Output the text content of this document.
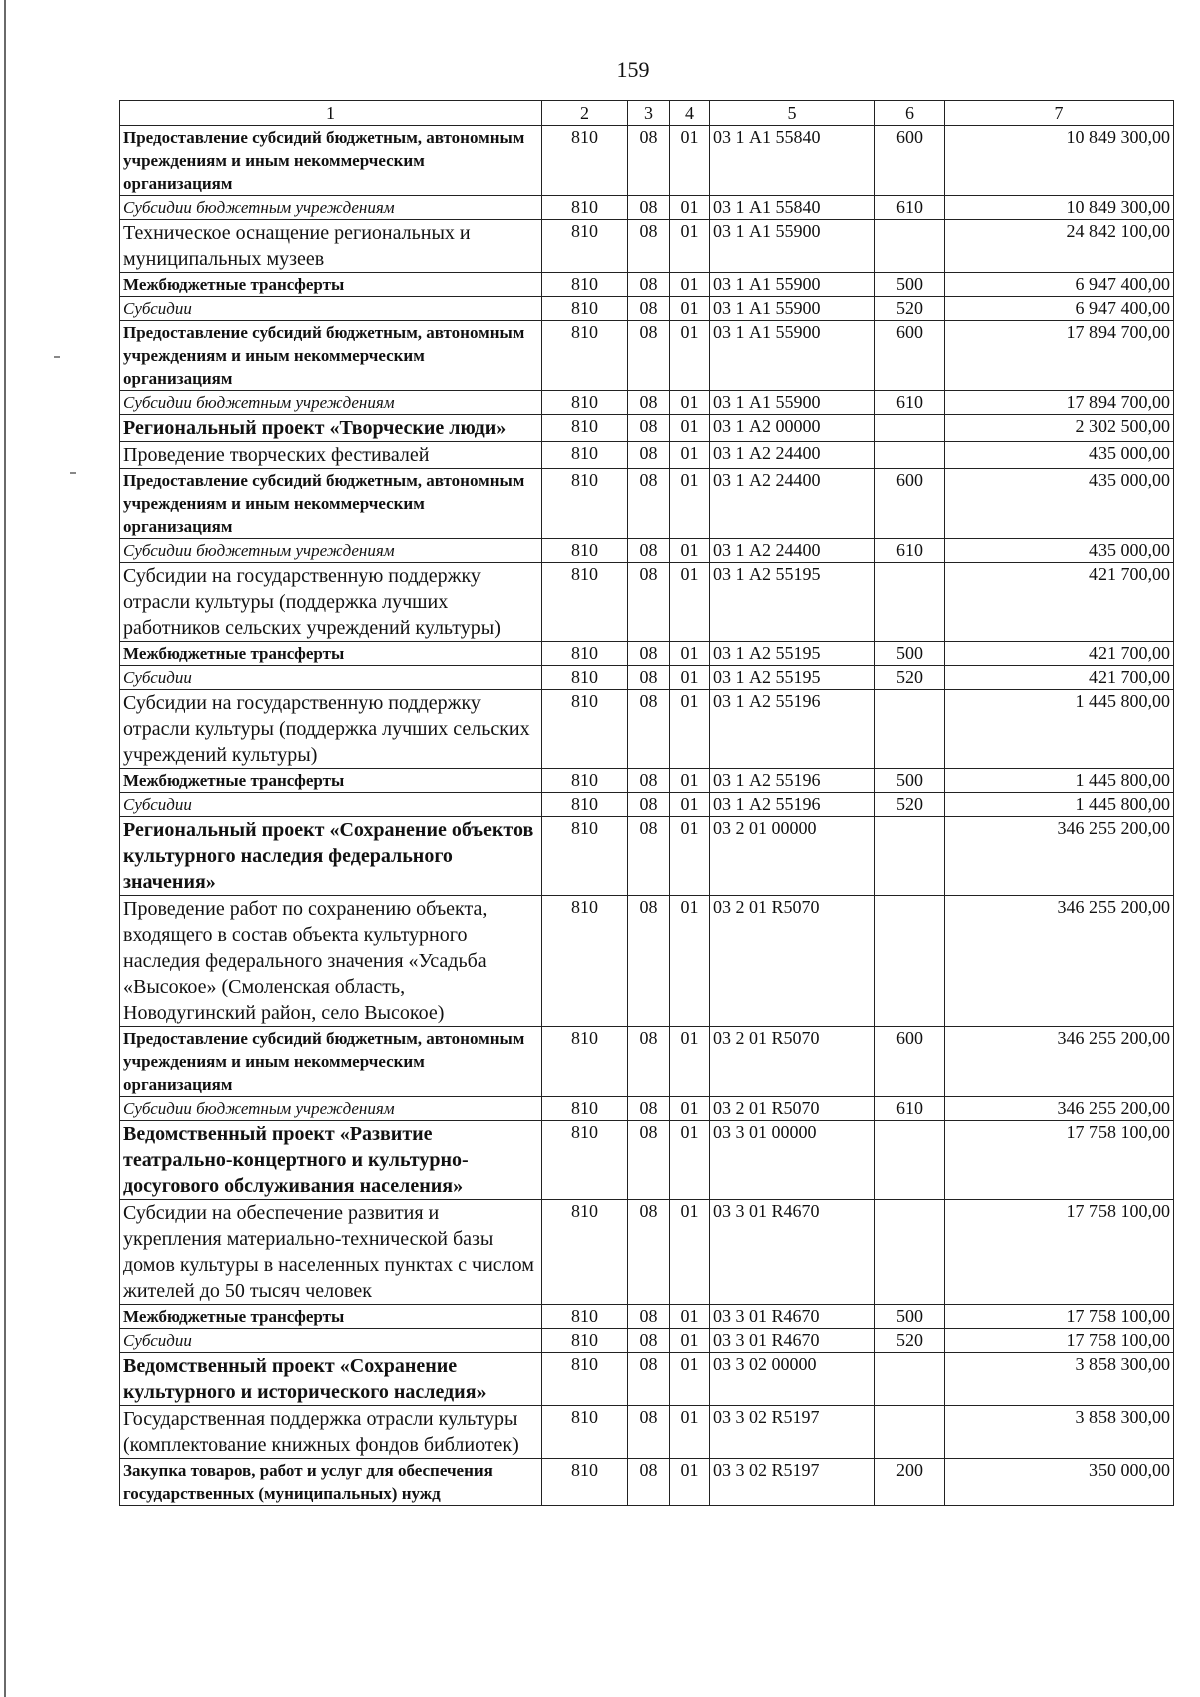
159
1	2	3	4	5	6	7
Предоставление субсидий бюджетным, автономным учреждениям и иным некоммерческим организациям	810	08	01	03 1 А1 55840	600	10 849 300,00
Субсидии бюджетным учреждениям	810	08	01	03 1 А1 55840	610	10 849 300,00
Техническое оснащение региональных и муниципальных музеев	810	08	01	03 1 А1 55900		24 842 100,00
Межбюджетные трансферты	810	08	01	03 1 А1 55900	500	6 947 400,00
Субсидии	810	08	01	03 1 А1 55900	520	6 947 400,00
Предоставление субсидий бюджетным, автономным учреждениям и иным некоммерческим организациям	810	08	01	03 1 А1 55900	600	17 894 700,00
Субсидии бюджетным учреждениям	810	08	01	03 1 А1 55900	610	17 894 700,00
Региональный проект «Творческие люди»	810	08	01	03 1 А2 00000		2 302 500,00
Проведение творческих фестивалей	810	08	01	03 1 А2 24400		435 000,00
Предоставление субсидий бюджетным, автономным учреждениям и иным некоммерческим организациям	810	08	01	03 1 А2 24400	600	435 000,00
Субсидии бюджетным учреждениям	810	08	01	03 1 А2 24400	610	435 000,00
Субсидии на государственную поддержку отрасли культуры (поддержка лучших работников сельских учреждений культуры)	810	08	01	03 1 А2 55195		421 700,00
Межбюджетные трансферты	810	08	01	03 1 А2 55195	500	421 700,00
Субсидии	810	08	01	03 1 А2 55195	520	421 700,00
Субсидии на государственную поддержку отрасли культуры (поддержка лучших сельских учреждений культуры)	810	08	01	03 1 А2 55196		1 445 800,00
Межбюджетные трансферты	810	08	01	03 1 А2 55196	500	1 445 800,00
Субсидии	810	08	01	03 1 А2 55196	520	1 445 800,00
Региональный проект «Сохранение объектов культурного наследия федерального значения»	810	08	01	03 2 01 00000		346 255 200,00
Проведение работ по сохранению объекта, входящего в состав объекта культурного наследия федерального значения «Усадьба «Высокое» (Смоленская область, Новодугинский район, село Высокое)	810	08	01	03 2 01 R5070		346 255 200,00
Предоставление субсидий бюджетным, автономным учреждениям и иным некоммерческим организациям	810	08	01	03 2 01 R5070	600	346 255 200,00
Субсидии бюджетным учреждениям	810	08	01	03 2 01 R5070	610	346 255 200,00
Ведомственный проект «Развитие театрально-концертного и культурно-досугового обслуживания населения»	810	08	01	03 3 01 00000		17 758 100,00
Субсидии на обеспечение развития и укрепления материально-технической базы домов культуры в населенных пунктах с числом жителей до 50 тысяч человек	810	08	01	03 3 01 R4670		17 758 100,00
Межбюджетные трансферты	810	08	01	03 3 01 R4670	500	17 758 100,00
Субсидии	810	08	01	03 3 01 R4670	520	17 758 100,00
Ведомственный проект «Сохранение культурного и исторического наследия»	810	08	01	03 3 02 00000		3 858 300,00
Государственная поддержка отрасли культуры (комплектование книжных фондов библиотек)	810	08	01	03 3 02 R5197		3 858 300,00
Закупка товаров, работ и услуг для обеспечения государственных (муниципальных) нужд	810	08	01	03 3 02 R5197	200	350 000,00
